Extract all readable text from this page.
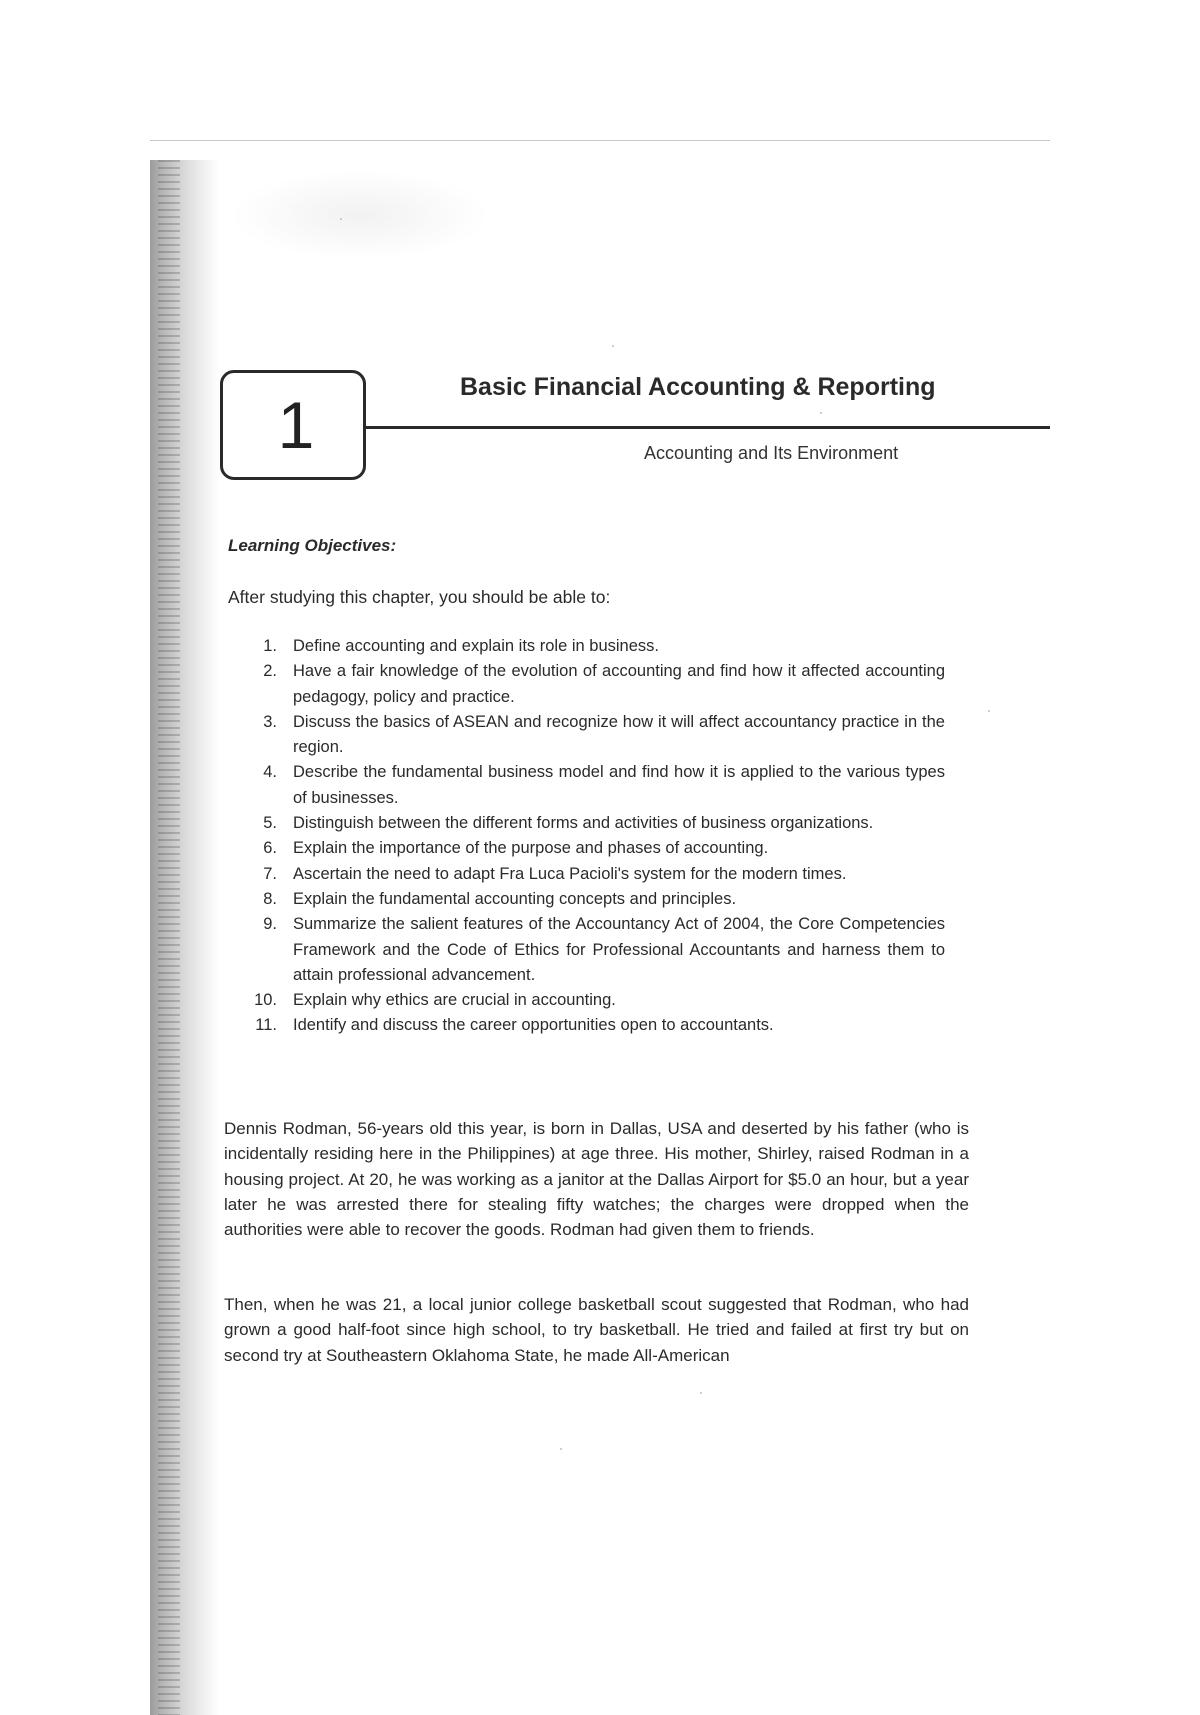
1
Basic Financial Accounting & Reporting
Accounting and Its Environment
Learning Objectives:
After studying this chapter, you should be able to:
1. Define accounting and explain its role in business.
2. Have a fair knowledge of the evolution of accounting and find how it affected accounting pedagogy, policy and practice.
3. Discuss the basics of ASEAN and recognize how it will affect accountancy practice in the region.
4. Describe the fundamental business model and find how it is applied to the various types of businesses.
5. Distinguish between the different forms and activities of business organizations.
6. Explain the importance of the purpose and phases of accounting.
7. Ascertain the need to adapt Fra Luca Pacioli's system for the modern times.
8. Explain the fundamental accounting concepts and principles.
9. Summarize the salient features of the Accountancy Act of 2004, the Core Competencies Framework and the Code of Ethics for Professional Accountants and harness them to attain professional advancement.
10. Explain why ethics are crucial in accounting.
11. Identify and discuss the career opportunities open to accountants.

Dennis Rodman, 56-years old this year, is born in Dallas, USA and deserted by his father (who is incidentally residing here in the Philippines) at age three. His mother, Shirley, raised Rodman in a housing project. At 20, he was working as a janitor at the Dallas Airport for $5.0 an hour, but a year later he was arrested there for stealing fifty watches; the charges were dropped when the authorities were able to recover the goods. Rodman had given them to friends.

Then, when he was 21, a local junior college basketball scout suggested that Rodman, who had grown a good half-foot since high school, to try basketball. He tried and failed at first try but on second try at Southeastern Oklahoma State, he made All-American
